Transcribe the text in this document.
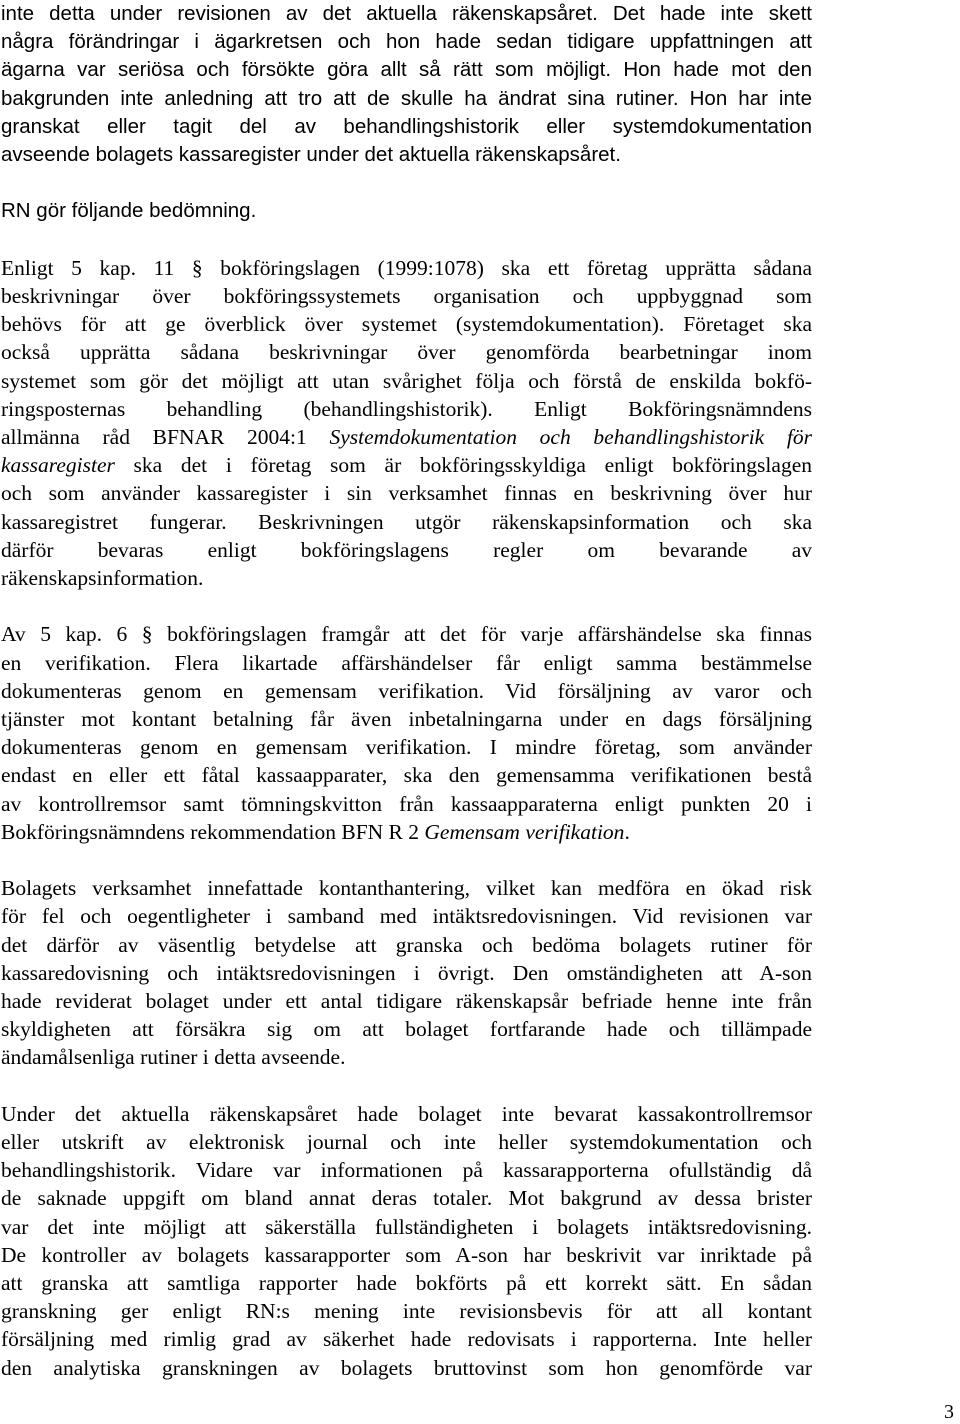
inte detta under revisionen av det aktuella räkenskapsåret. Det hade inte skett

några förändringar i ägarkretsen och hon hade sedan tidigare uppfattningen att

ägarna var seriösa och försökte göra allt så rätt som möjligt. Hon hade mot den

bakgrunden inte anledning att tro att de skulle ha ändrat sina rutiner. Hon har inte

granskat eller tagit del av behandlingshistorik eller systemdokumentation

avseende bolagets kassaregister under det aktuella räkenskapsåret.

RN gör följande bedömning.

Enligt 5 kap. 11 § bokföringslagen (1999:1078) ska ett företag upprätta sådana

beskrivningar över bokföringssystemets organisation och uppbyggnad som

behövs för att ge överblick över systemet (systemdokumentation). Företaget ska

också upprätta sådana beskrivningar över genomförda bearbetningar inom

systemet som gör det möjligt att utan svårighet följa och förstå de enskilda bokfö-

ringsposternas behandling (behandlingshistorik). Enligt Bokföringsnämndens

allmänna råd BFNAR 2004:1 Systemdokumentation och behandlingshistorik för

kassaregister ska det i företag som är bokföringsskyldiga enligt bokföringslagen

och som använder kassaregister i sin verksamhet finnas en beskrivning över hur

kassaregistret fungerar. Beskrivningen utgör räkenskapsinformation och ska

därför bevaras enligt bokföringslagens regler om bevarande av

räkenskapsinformation.

Av 5 kap. 6 § bokföringslagen framgår att det för varje affärshändelse ska finnas

en verifikation. Flera likartade affärshändelser får enligt samma bestämmelse

dokumenteras genom en gemensam verifikation. Vid försäljning av varor och

tjänster mot kontant betalning får även inbetalningarna under en dags försäljning

dokumenteras genom en gemensam verifikation. I mindre företag, som använder

endast en eller ett fåtal kassaapparater, ska den gemensamma verifikationen bestå

av kontrollremsor samt tömningskvitton från kassaapparaterna enligt punkten 20 i

Bokföringsnämndens rekommendation BFN R 2 Gemensam verifikation.

Bolagets verksamhet innefattade kontanthantering, vilket kan medföra en ökad risk

för fel och oegentligheter i samband med intäktsredovisningen. Vid revisionen var

det därför av väsentlig betydelse att granska och bedöma bolagets rutiner för

kassaredovisning och intäktsredovisningen i övrigt. Den omständigheten att A-son

hade reviderat bolaget under ett antal tidigare räkenskapsår befriade henne inte från

skyldigheten att försäkra sig om att bolaget fortfarande hade och tillämpade

ändamålsenliga rutiner i detta avseende.

Under det aktuella räkenskapsåret hade bolaget inte bevarat kassakontrollremsor

eller utskrift av elektronisk journal och inte heller systemdokumentation och

behandlingshistorik. Vidare var informationen på kassarapporterna ofullständig då

de saknade uppgift om bland annat deras totaler. Mot bakgrund av dessa brister

var det inte möjligt att säkerställa fullständigheten i bolagets intäktsredovisning.

De kontroller av bolagets kassarapporter som A-son har beskrivit var inriktade på

att granska att samtliga rapporter hade bokförts på ett korrekt sätt. En sådan

granskning ger enligt RN:s mening inte revisionsbevis för att all kontant

försäljning med rimlig grad av säkerhet hade redovisats i rapporterna. Inte heller

den analytiska granskningen av bolagets bruttovinst som hon genomförde var

3
